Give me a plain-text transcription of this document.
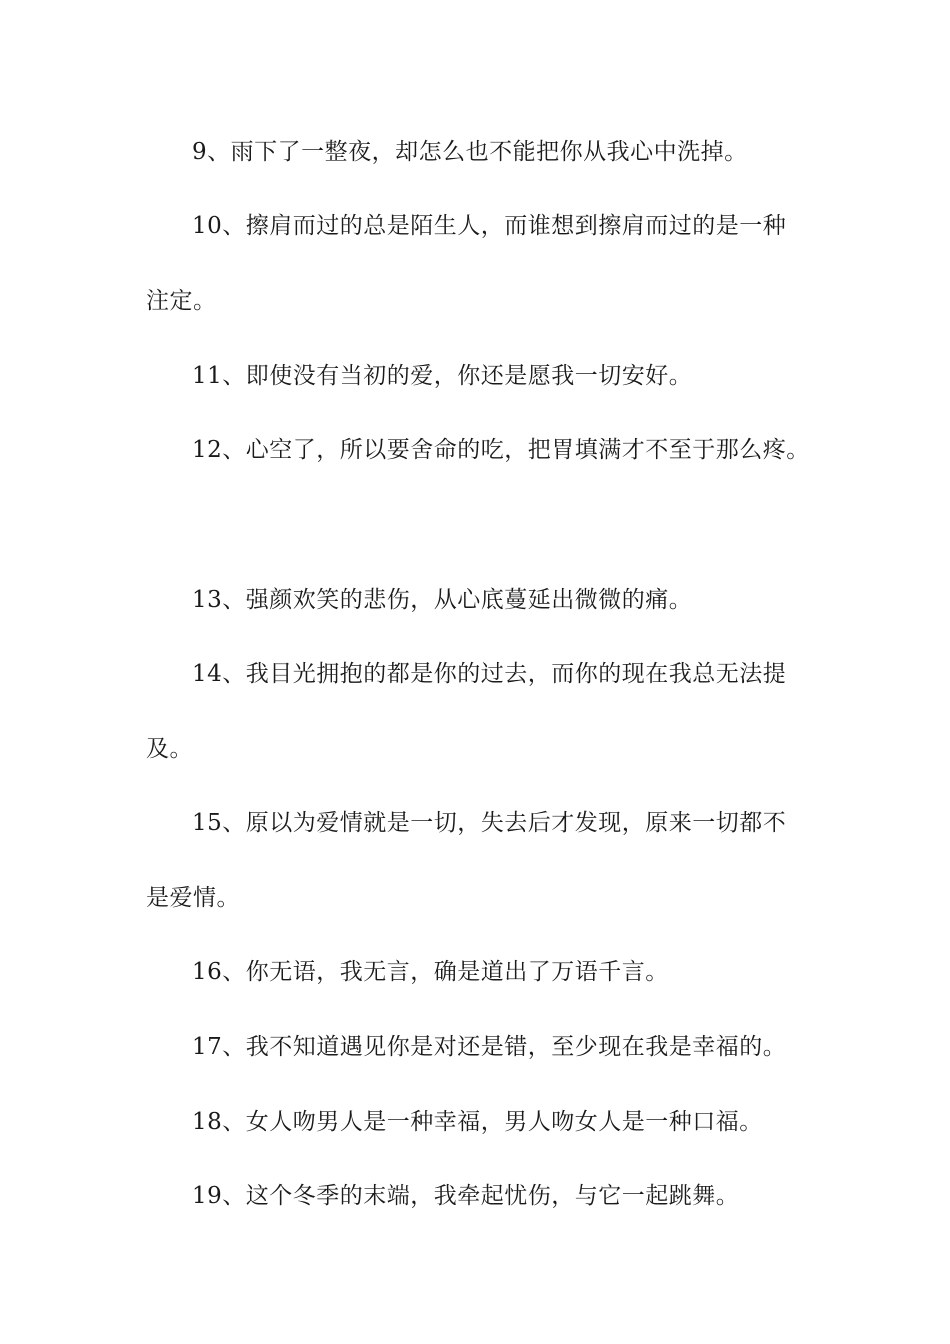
9、雨下了一整夜，却怎么也不能把你从我心中洗掉。
10、擦肩而过的总是陌生人，而谁想到擦肩而过的是一种
注定。
11、即使没有当初的爱，你还是愿我一切安好。
12、心空了，所以要舍命的吃，把胃填满才不至于那么疼。
13、强颜欢笑的悲伤，从心底蔓延出微微的痛。
14、我目光拥抱的都是你的过去，而你的现在我总无法提
及。
15、原以为爱情就是一切，失去后才发现，原来一切都不
是爱情。
16、你无语，我无言，确是道出了万语千言。
17、我不知道遇见你是对还是错，至少现在我是幸福的。
18、女人吻男人是一种幸福，男人吻女人是一种口福。
19、这个冬季的末端，我牵起忧伤，与它一起跳舞。
